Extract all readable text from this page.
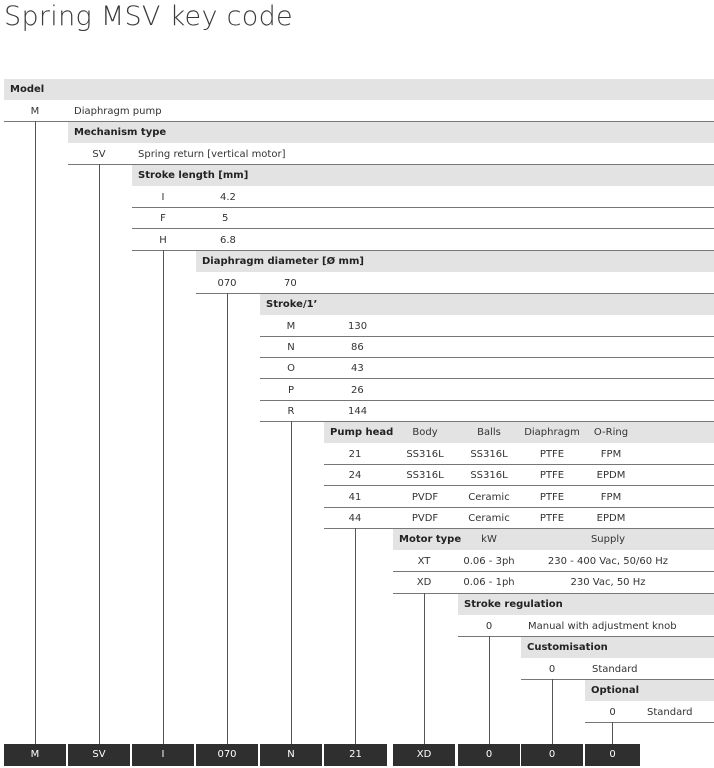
Spring MSV key code
Model
M	Diaphragm pump
Mechanism type
SV	Spring return [vertical motor]
Stroke length [mm]
I	4.2
F	5
H	6.8
Diaphragm diameter [Ø mm]
070	70
Stroke/1’
M	130
N	86
O	43
P	26
R	144
Pump head	Body	Balls	Diaphragm	O-Ring
21	SS316L	SS316L	PTFE	FPM
24	SS316L	SS316L	PTFE	EPDM
41	PVDF	Ceramic	PTFE	FPM
44	PVDF	Ceramic	PTFE	EPDM
Motor type	kW	Supply
XT	0.06 - 3ph	230 - 400 Vac, 50/60 Hz
XD	0.06 - 1ph	230 Vac, 50 Hz
Stroke regulation
0	Manual with adjustment knob
Customisation
0	Standard
Optional
0	Standard
M	SV	I	070	N	21	XD	0	0	0
